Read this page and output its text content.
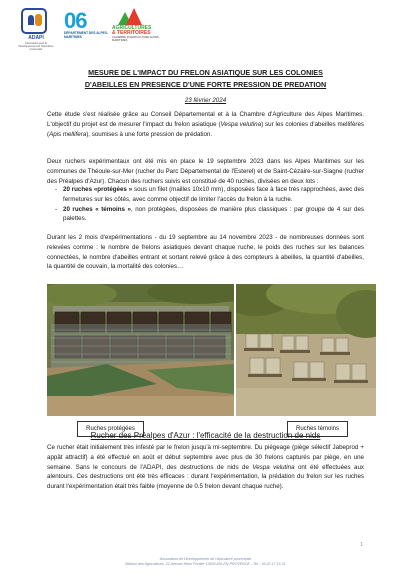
ADAPI
Association pour le Développement de l'Apiculture provençale
06
DÉPARTEMENT DES ALPES-MARITIMES
AGRICULTURES
& TERRITOIRES
CHAMBRE D'AGRICULTURE ALPES-MARITIMES
MESURE DE L'IMPACT DU FRELON ASIATIQUE SUR LES COLONIES
D'ABEILLES EN PRESENCE D'UNE FORTE PRESSION DE PREDATION
23 février 2024
Cette étude s'est réalisée grâce au Conseil Départemental et à la Chambre d'Agriculture des Alpes Maritimes. L'objectif du projet est de mesurer l'impact du frelon asiatique (Vespa velutina) sur les colonies d'abeilles mellifères (Apis mellifera), soumises à une forte pression de prédation.
Deux ruchers expérimentaux ont été mis en place le 19 septembre 2023 dans les Alpes Maritimes sur les communes de Théoule-sur-Mer (rucher du Parc Départemental de l'Esterel) et de Saint-Cézaire-sur-Siagne (rucher des Préalpes d'Azur). Chacun des ruchers suivis est constitué de 40 ruches, divisées en deux lots :
- 20 ruches «protégées » sous un filet (mailles 10x10 mm), disposées face à face très rapprochées, avec des fermetures sur les côtés, avec comme objectif de limiter l'accès du frelon à la ruche.
- 20 ruches « témoins », non protégées, disposées de manière plus classiques : par groupe de 4 sur des palettes.
Durant les 2 mois d'expérimentations - du 19 septembre au 14 novembre 2023 - de nombreuses données sont relevées comme : le nombre de frelons asiatiques devant chaque ruche, le poids des ruches sur les balances connectées, le nombre d'abeilles entrant et sortant relevé grâce à des compteurs à abeilles, la quantité d'abeilles, la quantité de couvain, la mortalité des colonies…
Ruches protégées	Ruches témoins
Rucher des Préalpes d'Azur : l'efficacité de la destruction de nids
Ce rucher était initialement très infesté par le frelon jusqu'à mi-septembre. Du piégeage (piège sélectif Jabeprod + appât attractif) a été effectué en août et début septembre avec plus de 30 frelons capturés par piège, en une semaine. Sans le concours de l'ADAPI, des destructions de nids de Vespa velutina ont été effectuées aux alentours. Ces destructions ont été très efficaces : durant l'expérimentation, la prédation du frelon sur les ruches durant l'expérimentation était très faible (moyenne de 0.5 frelon devant chaque ruche).
1
Association de Développement de l'Apiculture provençale
Maison des Agriculteurs, 22 Avenue Henri Pontier 13626 AIX-EN-PROVENCE - Tel. : 04 42 17 15 21
